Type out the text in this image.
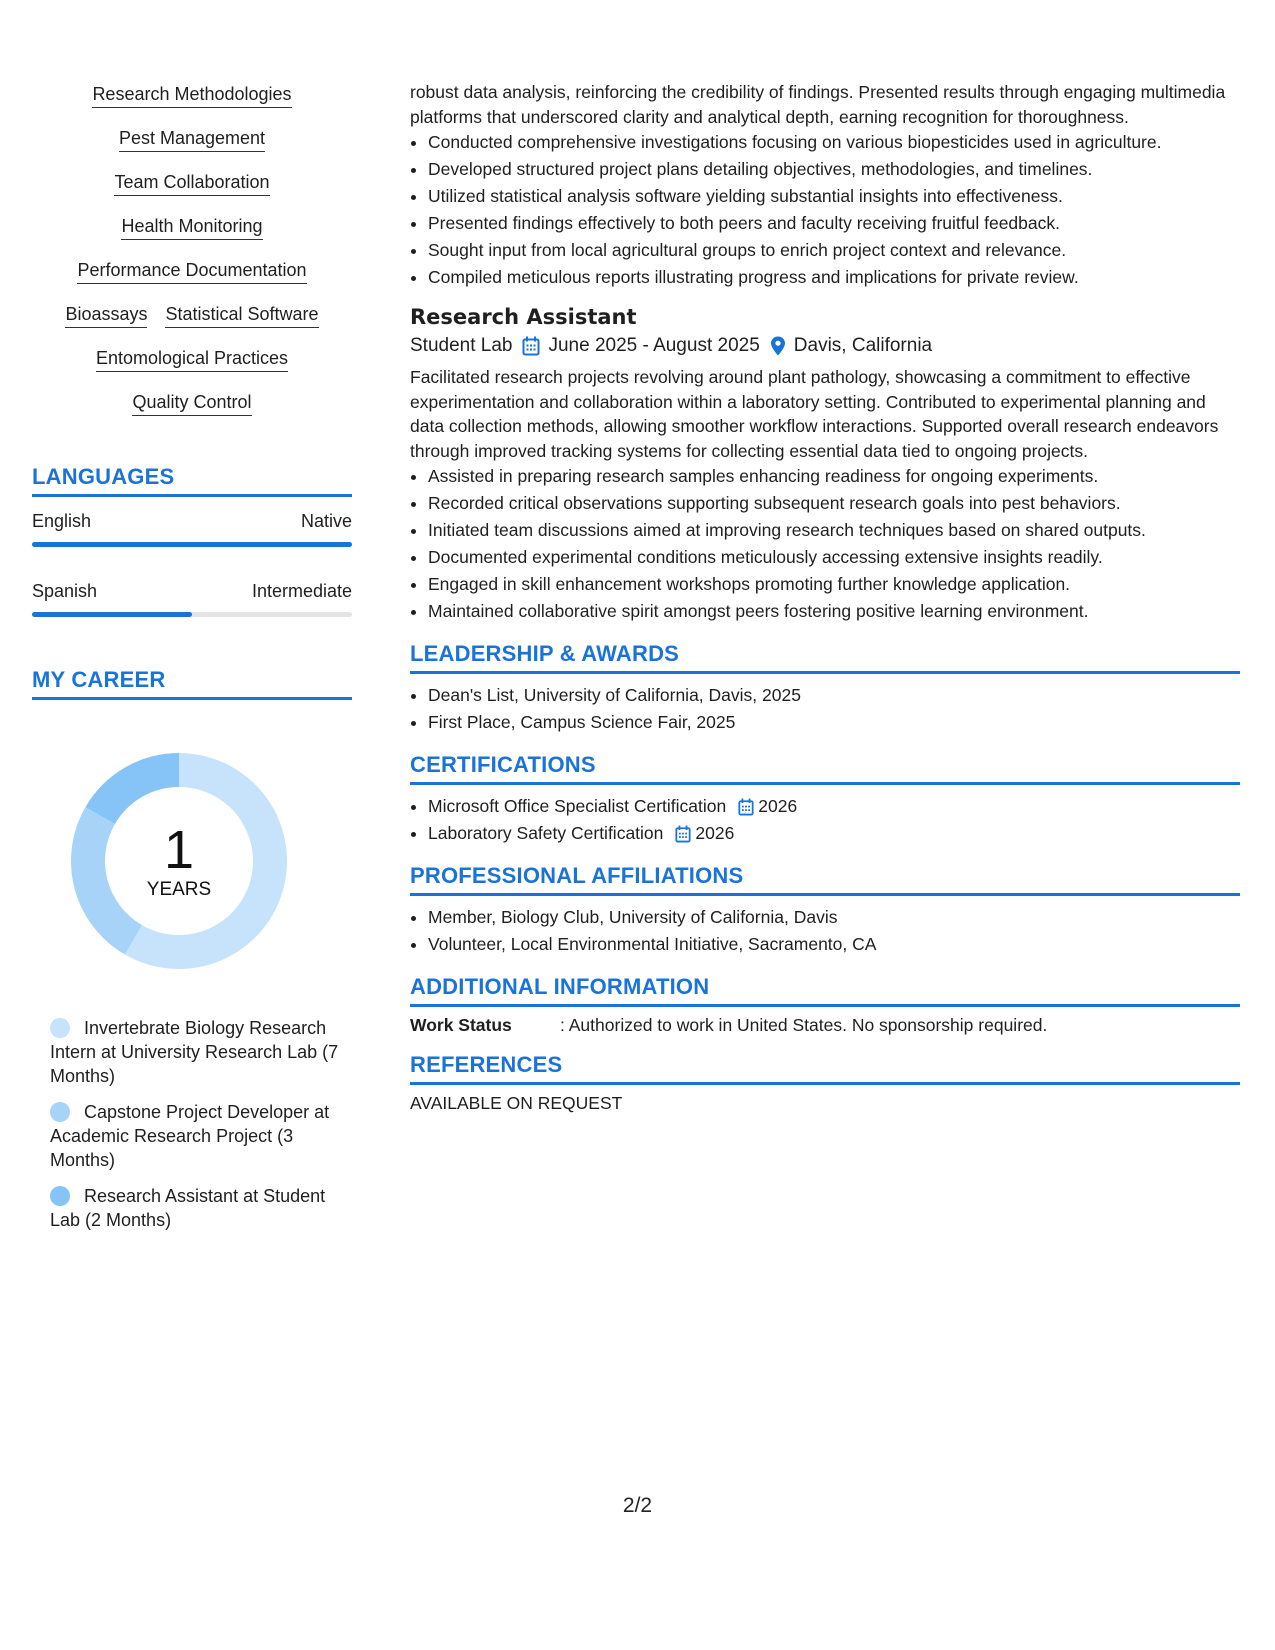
Research Methodologies
Pest Management
Team Collaboration
Health Monitoring
Performance Documentation
Bioassays Statistical Software
Entomological Practices
Quality Control
LANGUAGES
English	Native
Spanish	Intermediate
MY CAREER
1
YEARS
Invertebrate Biology Research Intern at University Research Lab (7 Months)
Capstone Project Developer at Academic Research Project (3 Months)
Research Assistant at Student Lab (2 Months)
robust data analysis, reinforcing the credibility of findings. Presented results through engaging multimedia platforms that underscored clarity and analytical depth, earning recognition for thoroughness.
• Conducted comprehensive investigations focusing on various biopesticides used in agriculture.
• Developed structured project plans detailing objectives, methodologies, and timelines.
• Utilized statistical analysis software yielding substantial insights into effectiveness.
• Presented findings effectively to both peers and faculty receiving fruitful feedback.
• Sought input from local agricultural groups to enrich project context and relevance.
• Compiled meticulous reports illustrating progress and implications for private review.
Research Assistant
Student Lab June 2025 - August 2025 Davis, California
Facilitated research projects revolving around plant pathology, showcasing a commitment to effective experimentation and collaboration within a laboratory setting. Contributed to experimental planning and data collection methods, allowing smoother workflow interactions. Supported overall research endeavors through improved tracking systems for collecting essential data tied to ongoing projects.
• Assisted in preparing research samples enhancing readiness for ongoing experiments.
• Recorded critical observations supporting subsequent research goals into pest behaviors.
• Initiated team discussions aimed at improving research techniques based on shared outputs.
• Documented experimental conditions meticulously accessing extensive insights readily.
• Engaged in skill enhancement workshops promoting further knowledge application.
• Maintained collaborative spirit amongst peers fostering positive learning environment.
LEADERSHIP & AWARDS
• Dean's List, University of California, Davis, 2025
• First Place, Campus Science Fair, 2025
CERTIFICATIONS
• Microsoft Office Specialist Certification 2026
• Laboratory Safety Certification 2026
PROFESSIONAL AFFILIATIONS
• Member, Biology Club, University of California, Davis
• Volunteer, Local Environmental Initiative, Sacramento, CA
ADDITIONAL INFORMATION
Work Status	: Authorized to work in United States. No sponsorship required.
REFERENCES
AVAILABLE ON REQUEST
2/2
